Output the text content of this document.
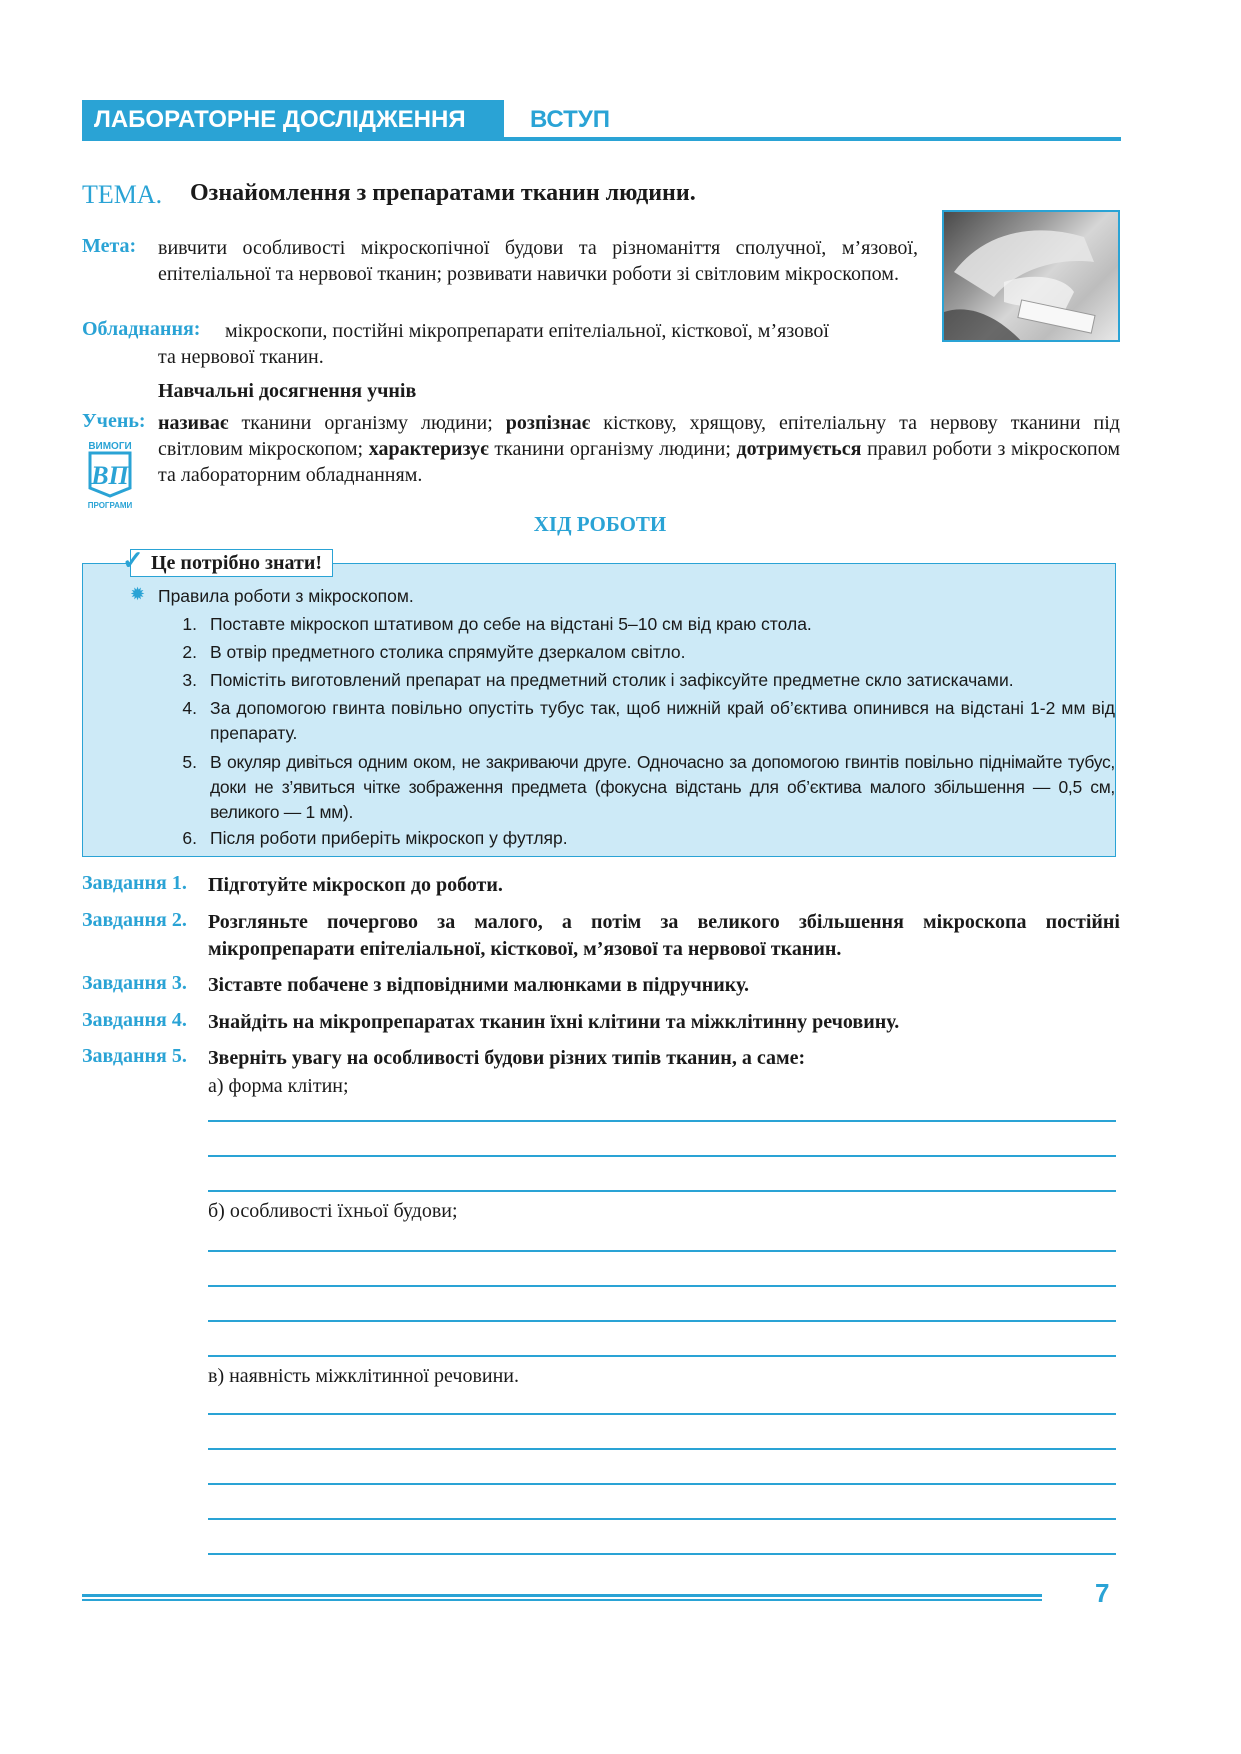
ЛАБОРАТОРНЕ ДОСЛІДЖЕННЯ	ВСТУП
ТЕМА. Ознайомлення з препаратами тканин людини.
Мета: вивчити особливості мікроскопічної будови та різноманіття сполучної, м’язової, епітеліальної та нервової тканин; розвивати навички роботи зі світловим мікроскопом.
Обладнання: мікроскопи, постійні мікропрепарати епітеліальної, кісткової, м’язової
та нервової тканин.
Навчальні досягнення учнів
Учень: називає тканини організму людини; розпізнає кісткову, хрящову, епітеліальну та нервову тканини під світловим мікроскопом; характеризує тканини організму людини; дотримується правил роботи з мікроскопом та лабораторним обладнанням.
ВИМОГИ
ВП
ПРОГРАМИ
ХІД РОБОТИ
Це потрібно знати!
✓
✹ Правила роботи з мікроскопом.
1. Поставте мікроскоп штативом до себе на відстані 5–10 см від краю стола.
2. В отвір предметного столика спрямуйте дзеркалом світло.
3. Помістіть виготовлений препарат на предметний столик і зафіксуйте предметне скло затискачами.
4. За допомогою гвинта повільно опустіть тубус так, щоб нижній край об’єктива опинився на відстані 1-2 мм від препарату.
5. В окуляр дивіться одним оком, не закриваючи друге. Одночасно за допомогою гвинтів повільно піднімайте тубус, доки не з’явиться чітке зображення предмета (фокусна відстань для об’єктива малого збільшення — 0,5 см, великого — 1 мм).
6. Після роботи приберіть мікроскоп у футляр.
Завдання 1. Підготуйте мікроскоп до роботи.
Завдання 2. Розгляньте почергово за малого, а потім за великого збільшення мікроскопа постійні мікропрепарати епітеліальної, кісткової, м’язової та нервової тканин.
Завдання 3. Зіставте побачене з відповідними малюнками в підручнику.
Завдання 4. Знайдіть на мікропрепаратах тканин їхні клітини та міжклітинну речовину.
Завдання 5. Зверніть увагу на особливості будови різних типів тканин, а саме:
а) форма клітин;
б) особливості їхньої будови;
в) наявність міжклітинної речовини.
7
